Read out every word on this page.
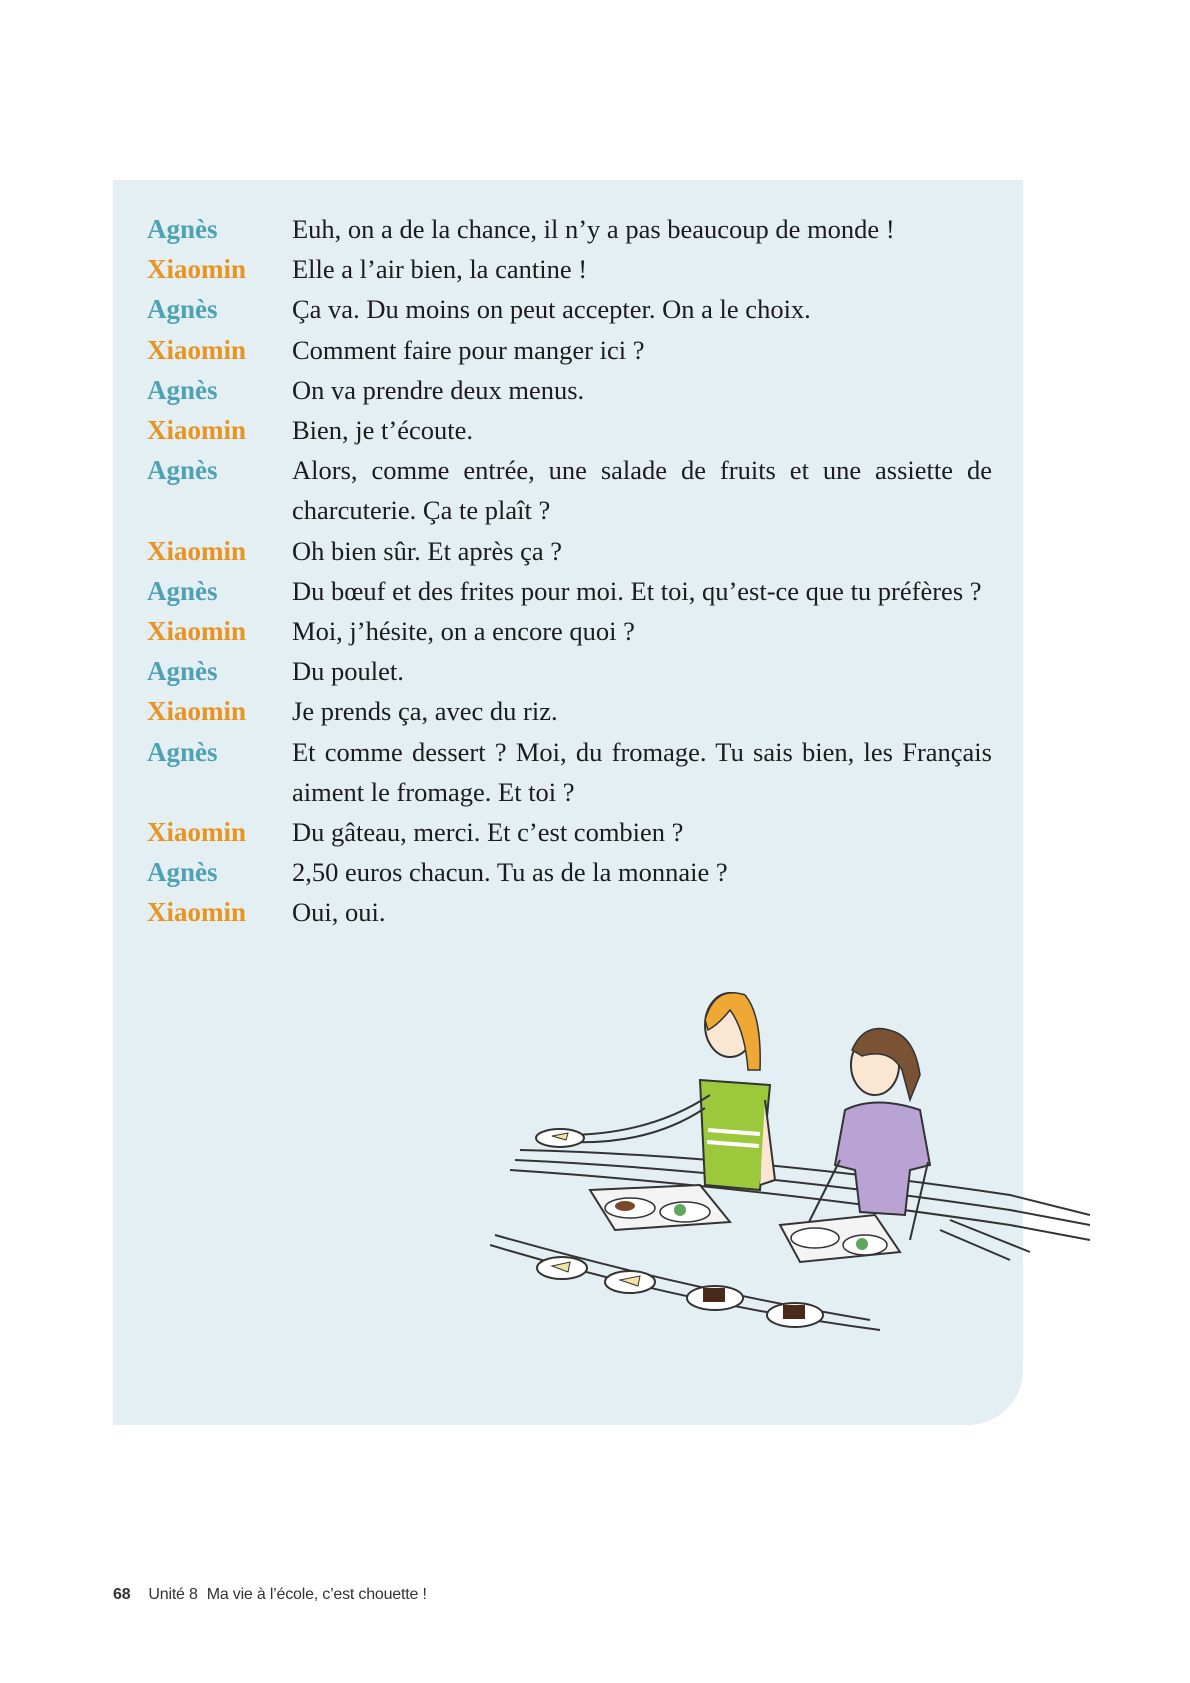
Agnès	Euh, on a de la chance, il n’y a pas beaucoup de monde !
Xiaomin	Elle a l’air bien, la cantine !
Agnès	Ça va. Du moins on peut accepter. On a le choix.
Xiaomin	Comment faire pour manger ici ?
Agnès	On va prendre deux menus.
Xiaomin	Bien, je t’écoute.
Agnès	Alors, comme entrée, une salade de fruits et une assiette de charcuterie. Ça te plaît ?
Xiaomin	Oh bien sûr. Et après ça ?
Agnès	Du bœuf et des frites pour moi. Et toi, qu’est-ce que tu préfères ?
Xiaomin	Moi, j’hésite, on a encore quoi ?
Agnès	Du poulet.
Xiaomin	Je prends ça, avec du riz.
Agnès	Et comme dessert ? Moi, du fromage. Tu sais bien, les Français aiment le fromage. Et toi ?
Xiaomin	Du gâteau, merci. Et c’est combien ?
Agnès	2,50 euros chacun. Tu as de la monnaie ?
Xiaomin	Oui, oui.
68 Unité 8 Ma vie à l’école, c’est chouette !
